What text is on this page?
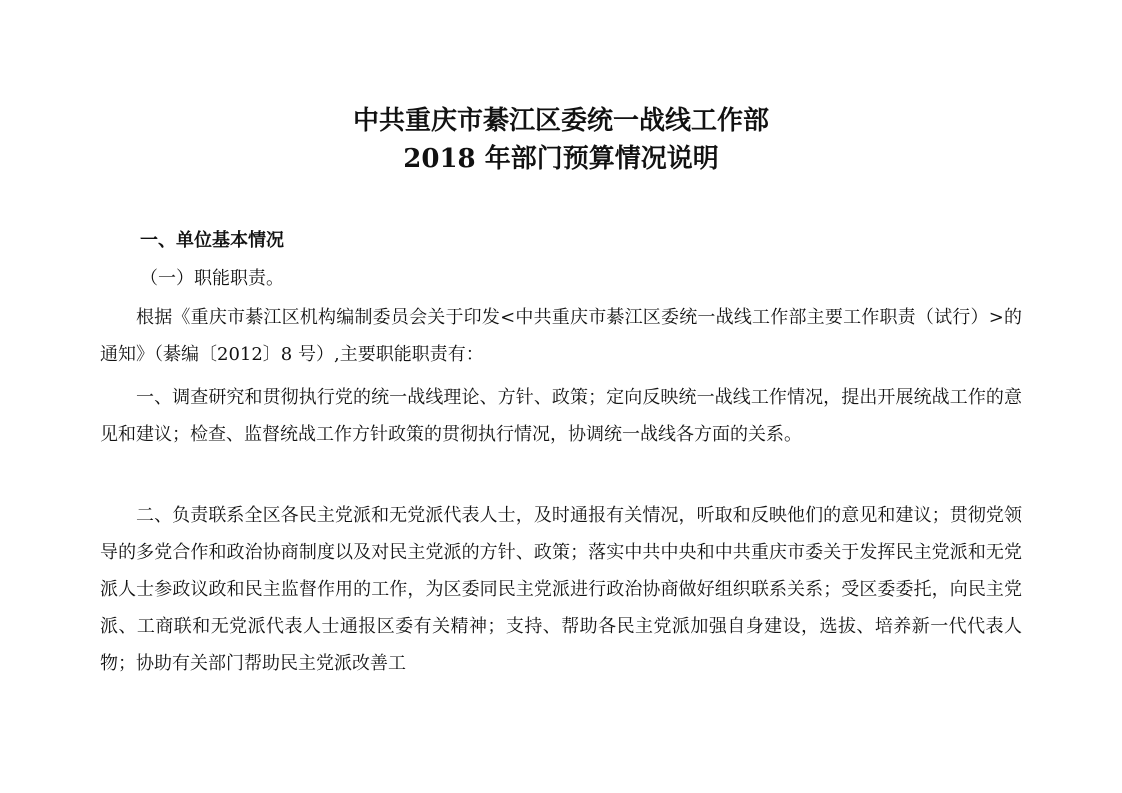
中共重庆市綦江区委统一战线工作部
2018 年部门预算情况说明
一、单位基本情况
（一）职能职责。
根据《重庆市綦江区机构编制委员会关于印发<中共重庆市綦江区委统一战线工作部主要工作职责（试行）>的通知》（綦编〔2012〕8 号）,主要职能职责有：
一、调查研究和贯彻执行党的统一战线理论、方针、政策；定向反映统一战线工作情况，提出开展统战工作的意见和建议；检查、监督统战工作方针政策的贯彻执行情况，协调统一战线各方面的关系。
二、负责联系全区各民主党派和无党派代表人士，及时通报有关情况，听取和反映他们的意见和建议；贯彻党领导的多党合作和政治协商制度以及对民主党派的方针、政策；落实中共中央和中共重庆市委关于发挥民主党派和无党派人士参政议政和民主监督作用的工作，为区委同民主党派进行政治协商做好组织联系关系；受区委委托，向民主党派、工商联和无党派代表人士通报区委有关精神；支持、帮助各民主党派加强自身建设，选拔、培养新一代代表人物；协助有关部门帮助民主党派改善工
